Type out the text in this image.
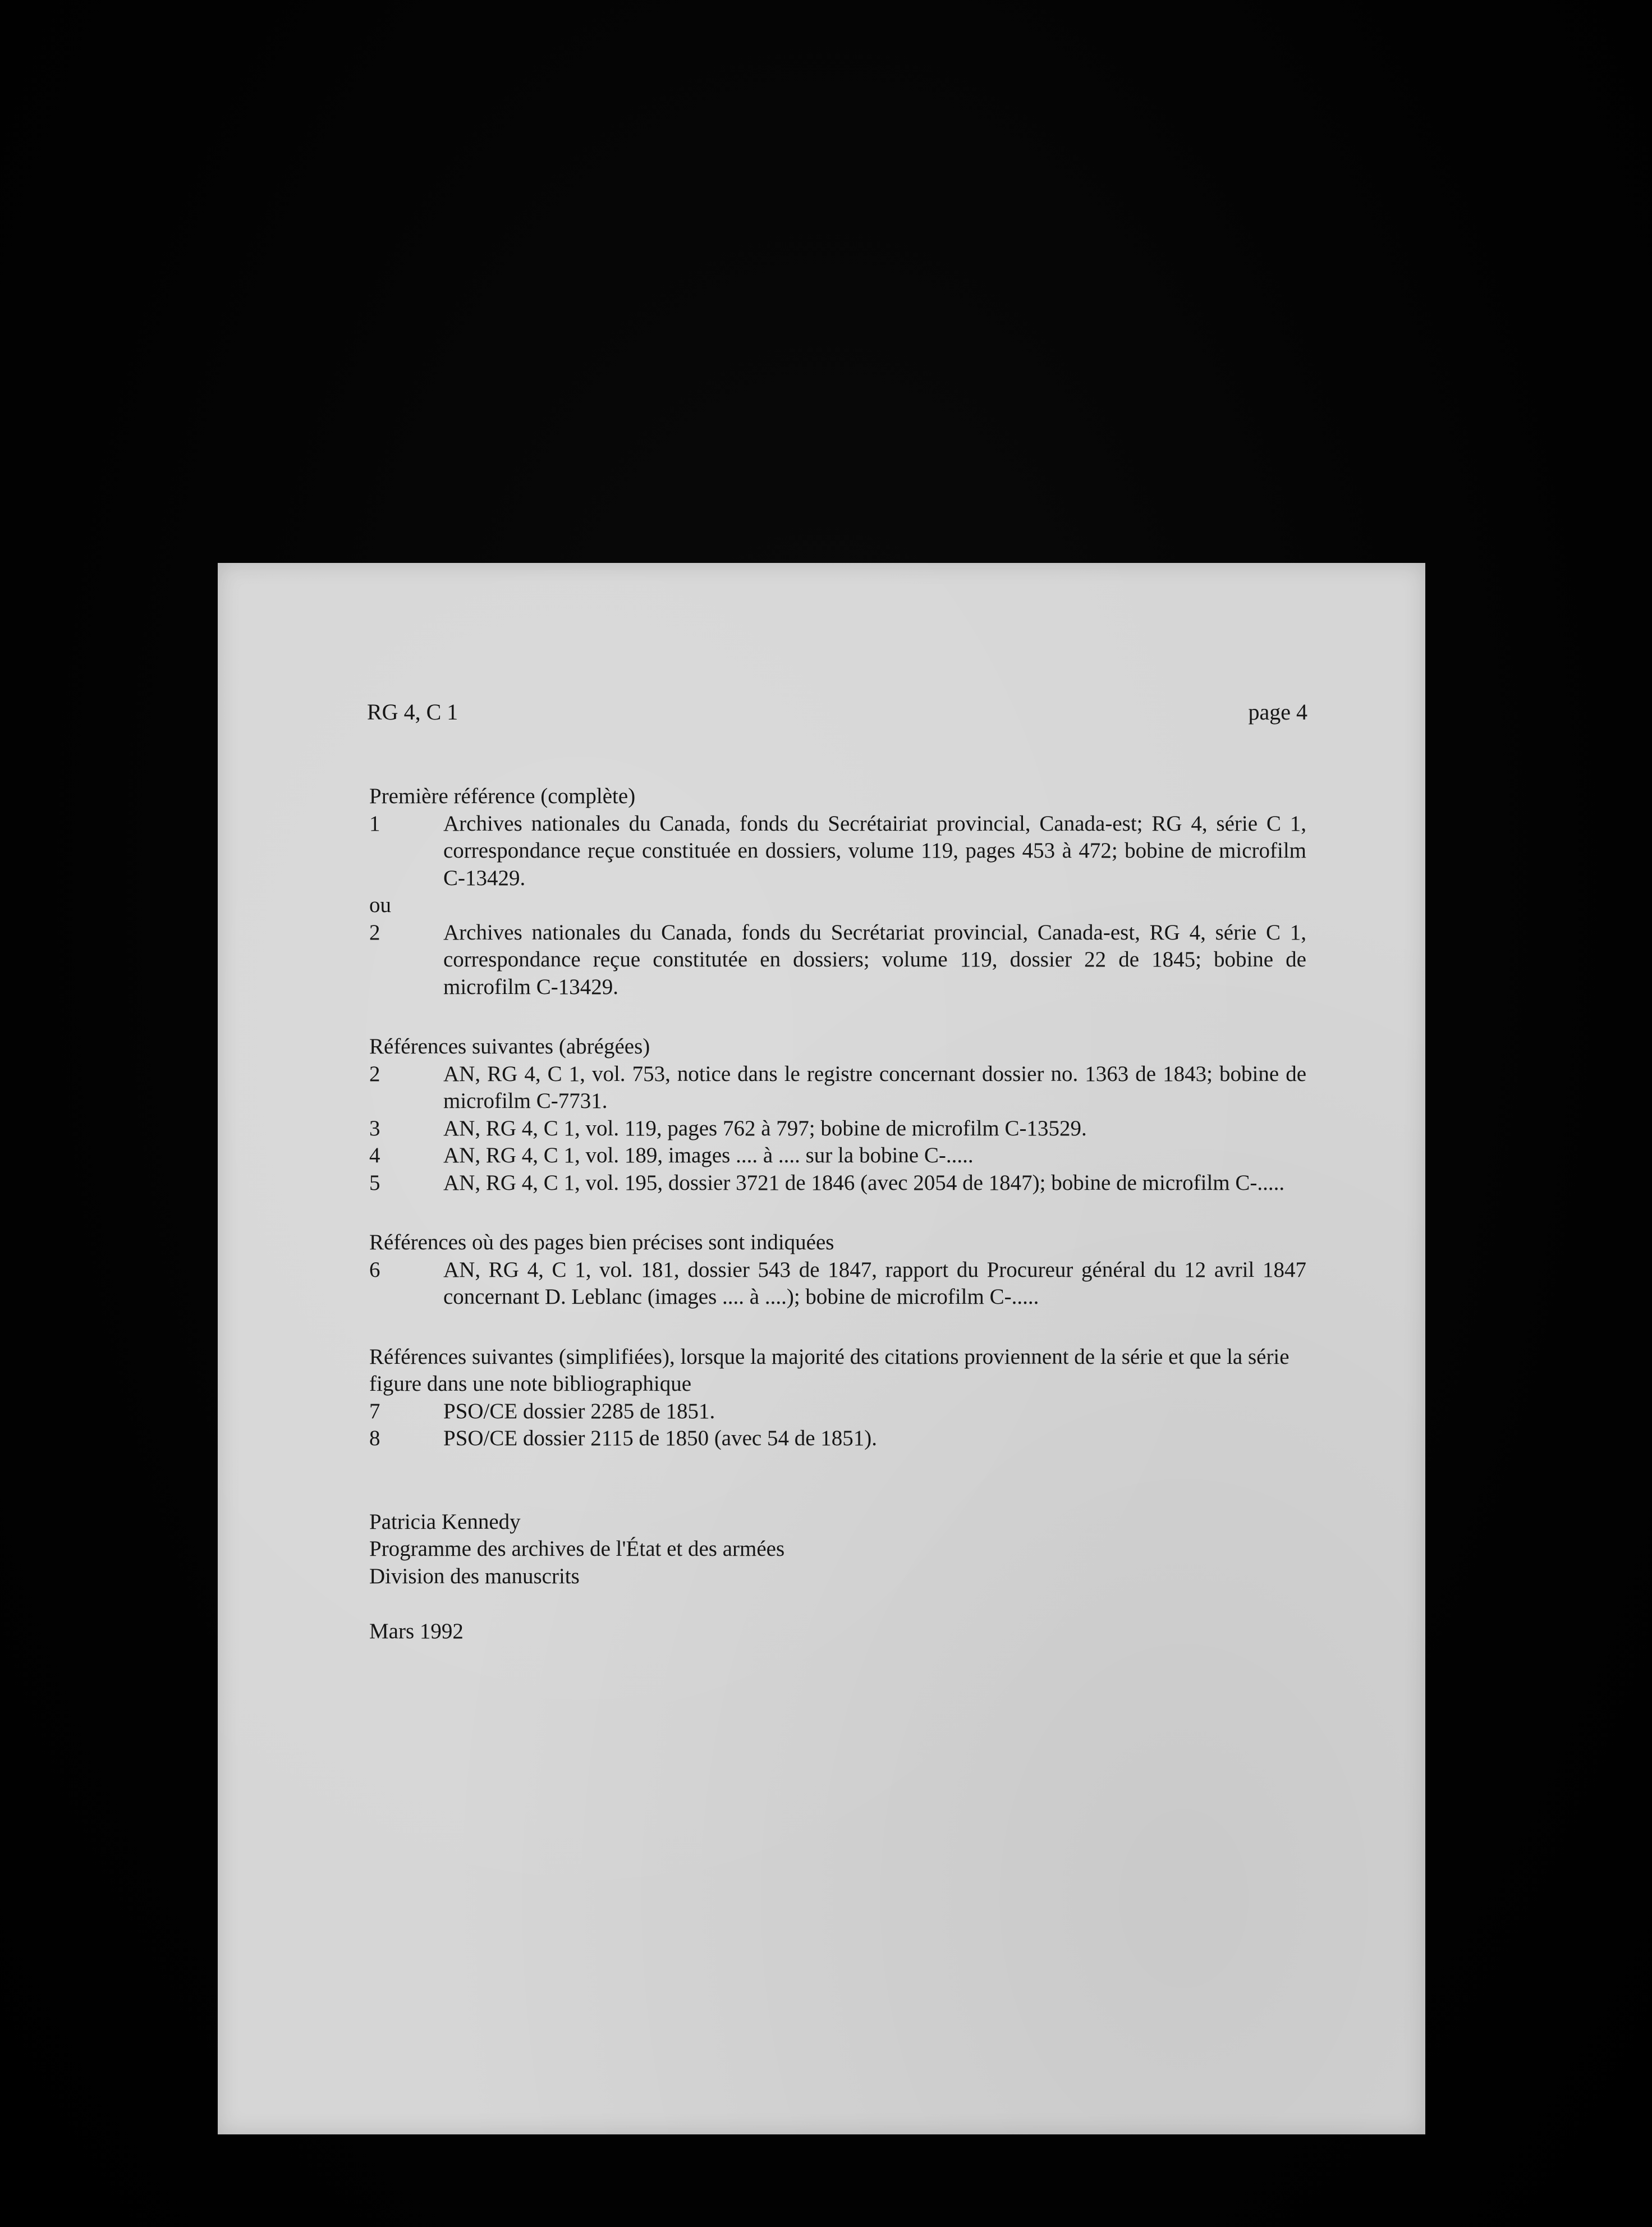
RG 4, C 1	page 4

Première référence (complète)

1	Archives nationales du Canada, fonds du Secrétairiat provincial, Canada-est; RG 4, série C 1, correspondance reçue constituée en dossiers, volume 119, pages 453 à 472; bobine de microfilm C-13429.

ou

2	Archives nationales du Canada, fonds du Secrétariat provincial, Canada-est, RG 4, série C 1, correspondance reçue constitutée en dossiers; volume 119, dossier 22 de 1845; bobine de microfilm C-13429.

Références suivantes (abrégées)

2	AN, RG 4, C 1, vol. 753, notice dans le registre concernant dossier no. 1363 de 1843; bobine de microfilm C-7731.
3	AN, RG 4, C 1, vol. 119, pages 762 à 797; bobine de microfilm C-13529.
4	AN, RG 4, C 1, vol. 189, images .... à .... sur la bobine C-.....
5	AN, RG 4, C 1, vol. 195, dossier 3721 de 1846 (avec 2054 de 1847); bobine de microfilm C-.....

Références où des pages bien précises sont indiquées

6	AN, RG 4, C 1, vol. 181, dossier 543 de 1847, rapport du Procureur général du 12 avril 1847 concernant D. Leblanc (images .... à ....); bobine de microfilm C-.....

Références suivantes (simplifiées), lorsque la majorité des citations proviennent de la série et que la série figure dans une note bibliographique

7	PSO/CE dossier 2285 de 1851.
8	PSO/CE dossier 2115 de 1850 (avec 54 de 1851).

Patricia Kennedy

Programme des archives de l'État et des armées

Division des manuscrits

Mars 1992
